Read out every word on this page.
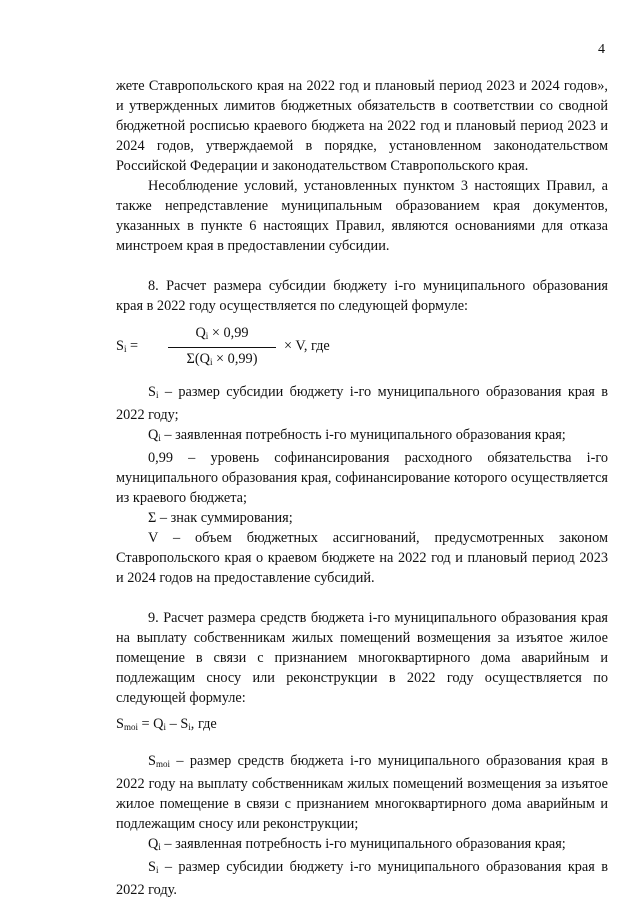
4

жете Ставропольского края на 2022 год и плановый период 2023 и 2024 годов», и утвержденных лимитов бюджетных обязательств в соответствии со сводной бюджетной росписью краевого бюджета на 2022 год и плановый период 2023 и 2024 годов, утверждаемой в порядке, установленном законодательством Российской Федерации и законодательством Ставропольского края.

Несоблюдение условий, установленных пунктом 3 настоящих Правил, а также непредставление муниципальным образованием края документов, указанных в пункте 6 настоящих Правил, являются основаниями для отказа минстроем края в предоставлении субсидии.

8. Расчет размера субсидии бюджету i-го муниципального образования края в 2022 году осуществляется по следующей формуле:

$S_i$ =
$Q_i \times 0,99$
$\Sigma(Q_i \times 0,99)$
× V, где

$S_i$ – размер субсидии бюджету i-го муниципального образования края в 2022 году;

$Q_i$ – заявленная потребность i-го муниципального образования края;

0,99 – уровень софинансирования расходного обязательства i-го муниципального образования края, софинансирование которого осуществляется из краевого бюджета;

Σ – знак суммирования;

V – объем бюджетных ассигнований, предусмотренных законом Ставропольского края о краевом бюджете на 2022 год и плановый период 2023 и 2024 годов на предоставление субсидий.

9. Расчет размера средств бюджета i-го муниципального образования края на выплату собственникам жилых помещений возмещения за изъятое жилое помещение в связи с признанием многоквартирного дома аварийным и подлежащим сносу или реконструкции в 2022 году осуществляется по следующей формуле:

$S_{moi} = Q_i - S_i$, где

$S_{moi}$ – размер средств бюджета i-го муниципального образования края в 2022 году на выплату собственникам жилых помещений возмещения за изъятое жилое помещение в связи с признанием многоквартирного дома аварийным и подлежащим сносу или реконструкции;

$Q_i$ – заявленная потребность i-го муниципального образования края;

$S_i$ – размер субсидии бюджету i-го муниципального образования края в 2022 году.
